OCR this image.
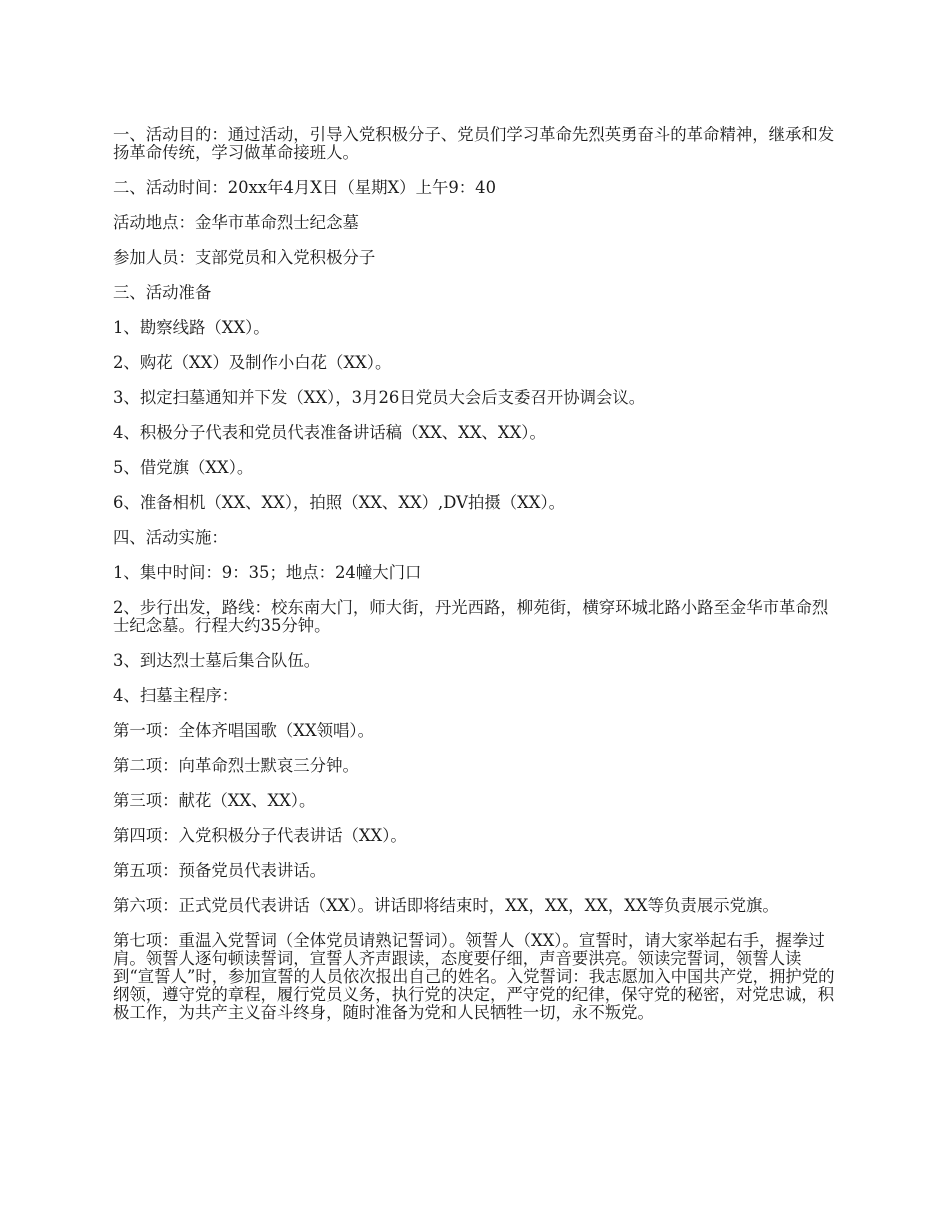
一、活动目的：通过活动，引导入党积极分子、党员们学习革命先烈英勇奋斗的革命精神，继承和发扬革命传统，学习做革命接班人。

二、活动时间：20xx年4月X日（星期X）上午9：40

活动地点：金华市革命烈士纪念墓

参加人员：支部党员和入党积极分子

三、活动准备

1、勘察线路（XX）。

2、购花（XX）及制作小白花（XX）。

3、拟定扫墓通知并下发（XX），3月26日党员大会后支委召开协调会议。

4、积极分子代表和党员代表准备讲话稿（XX、XX、XX）。

5、借党旗（XX）。

6、准备相机（XX、XX），拍照（XX、XX）,DV拍摄（XX）。

四、活动实施：

1、集中时间：9：35；地点：24幢大门口

2、步行出发，路线：校东南大门，师大街，丹光西路，柳苑街，横穿环城北路小路至金华市革命烈士纪念墓。行程大约35分钟。

3、到达烈士墓后集合队伍。

4、扫墓主程序：

第一项：全体齐唱国歌（XX领唱）。

第二项：向革命烈士默哀三分钟。

第三项：献花（XX、XX）。

第四项：入党积极分子代表讲话（XX）。

第五项：预备党员代表讲话。

第六项：正式党员代表讲话（XX）。讲话即将结束时，XX，XX，XX，XX等负责展示党旗。

第七项：重温入党誓词（全体党员请熟记誓词）。领誓人（XX）。宣誓时，请大家举起右手，握拳过肩。领誓人逐句顿读誓词，宣誓人齐声跟读，态度要仔细，声音要洪亮。领读完誓词，领誓人读到“宣誓人”时，参加宣誓的人员依次报出自己的姓名。入党誓词：我志愿加入中国共产党，拥护党的纲领，遵守党的章程，履行党员义务，执行党的决定，严守党的纪律，保守党的秘密，对党忠诚，积极工作，为共产主义奋斗终身，随时准备为党和人民牺牲一切，永不叛党。
